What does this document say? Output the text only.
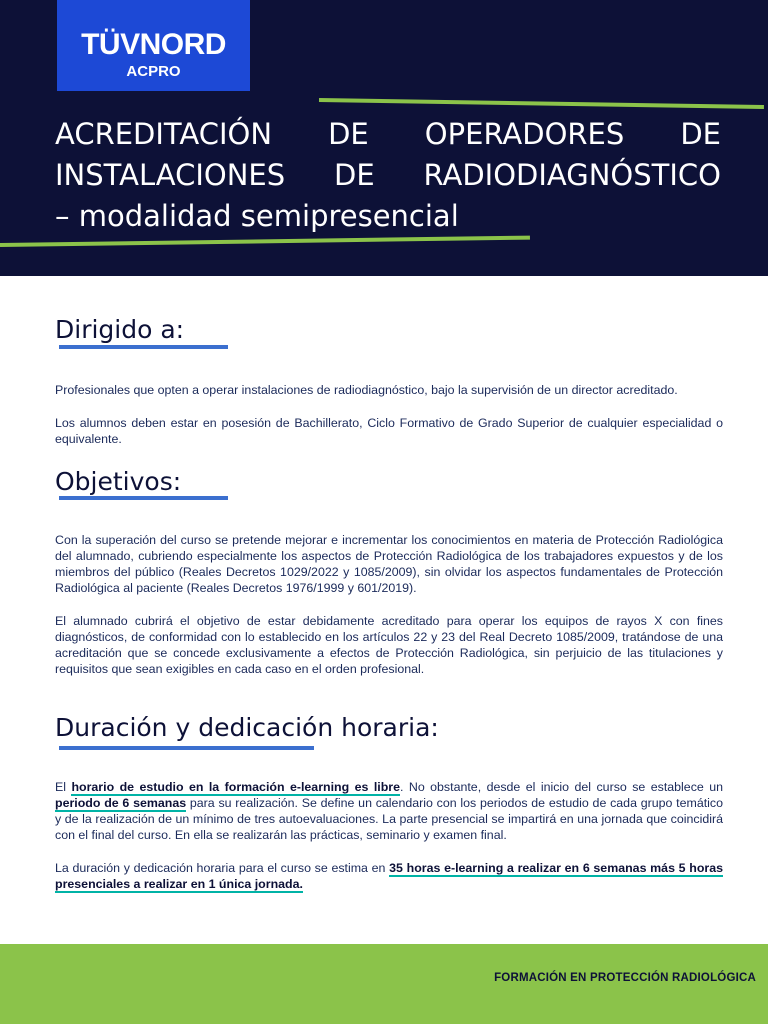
TÜVNORD
ACPRO
ACREDITACIÓN DE OPERADORES DE
INSTALACIONES DE RADIODIAGNÓSTICO
– modalidad semipresencial
Dirigido a:

Profesionales que opten a operar instalaciones de radiodiagnóstico, bajo la supervisión de un director acreditado.

Los alumnos deben estar en posesión de Bachillerato, Ciclo Formativo de Grado Superior de cualquier especialidad o equivalente.

Objetivos:

Con la superación del curso se pretende mejorar e incrementar los conocimientos en materia de Protección Radiológica del alumnado, cubriendo especialmente los aspectos de Protección Radiológica de los trabajadores expuestos y de los miembros del público (Reales Decretos 1029/2022 y 1085/2009), sin olvidar los aspectos fundamentales de Protección Radiológica al paciente (Reales Decretos 1976/1999 y 601/2019).

El alumnado cubrirá el objetivo de estar debidamente acreditado para operar los equipos de rayos X con fines diagnósticos, de conformidad con lo establecido en los artículos 22 y 23 del Real Decreto 1085/2009, tratándose de una acreditación que se concede exclusivamente a efectos de Protección Radiológica, sin perjuicio de las titulaciones y requisitos que sean exigibles en cada caso en el orden profesional.

Duración y dedicación horaria:

El horario de estudio en la formación e-learning es libre. No obstante, desde el inicio del curso se establece un periodo de 6 semanas para su realización. Se define un calendario con los periodos de estudio de cada grupo temático y de la realización de un mínimo de tres autoevaluaciones. La parte presencial se impartirá en una jornada que coincidirá con el final del curso. En ella se realizarán las prácticas, seminario y examen final.

La duración y dedicación horaria para el curso se estima en 35 horas e-learning a realizar en 6 semanas más 5 horas presenciales a realizar en 1 única jornada.

FORMACIÓN EN PROTECCIÓN RADIOLÓGICA
